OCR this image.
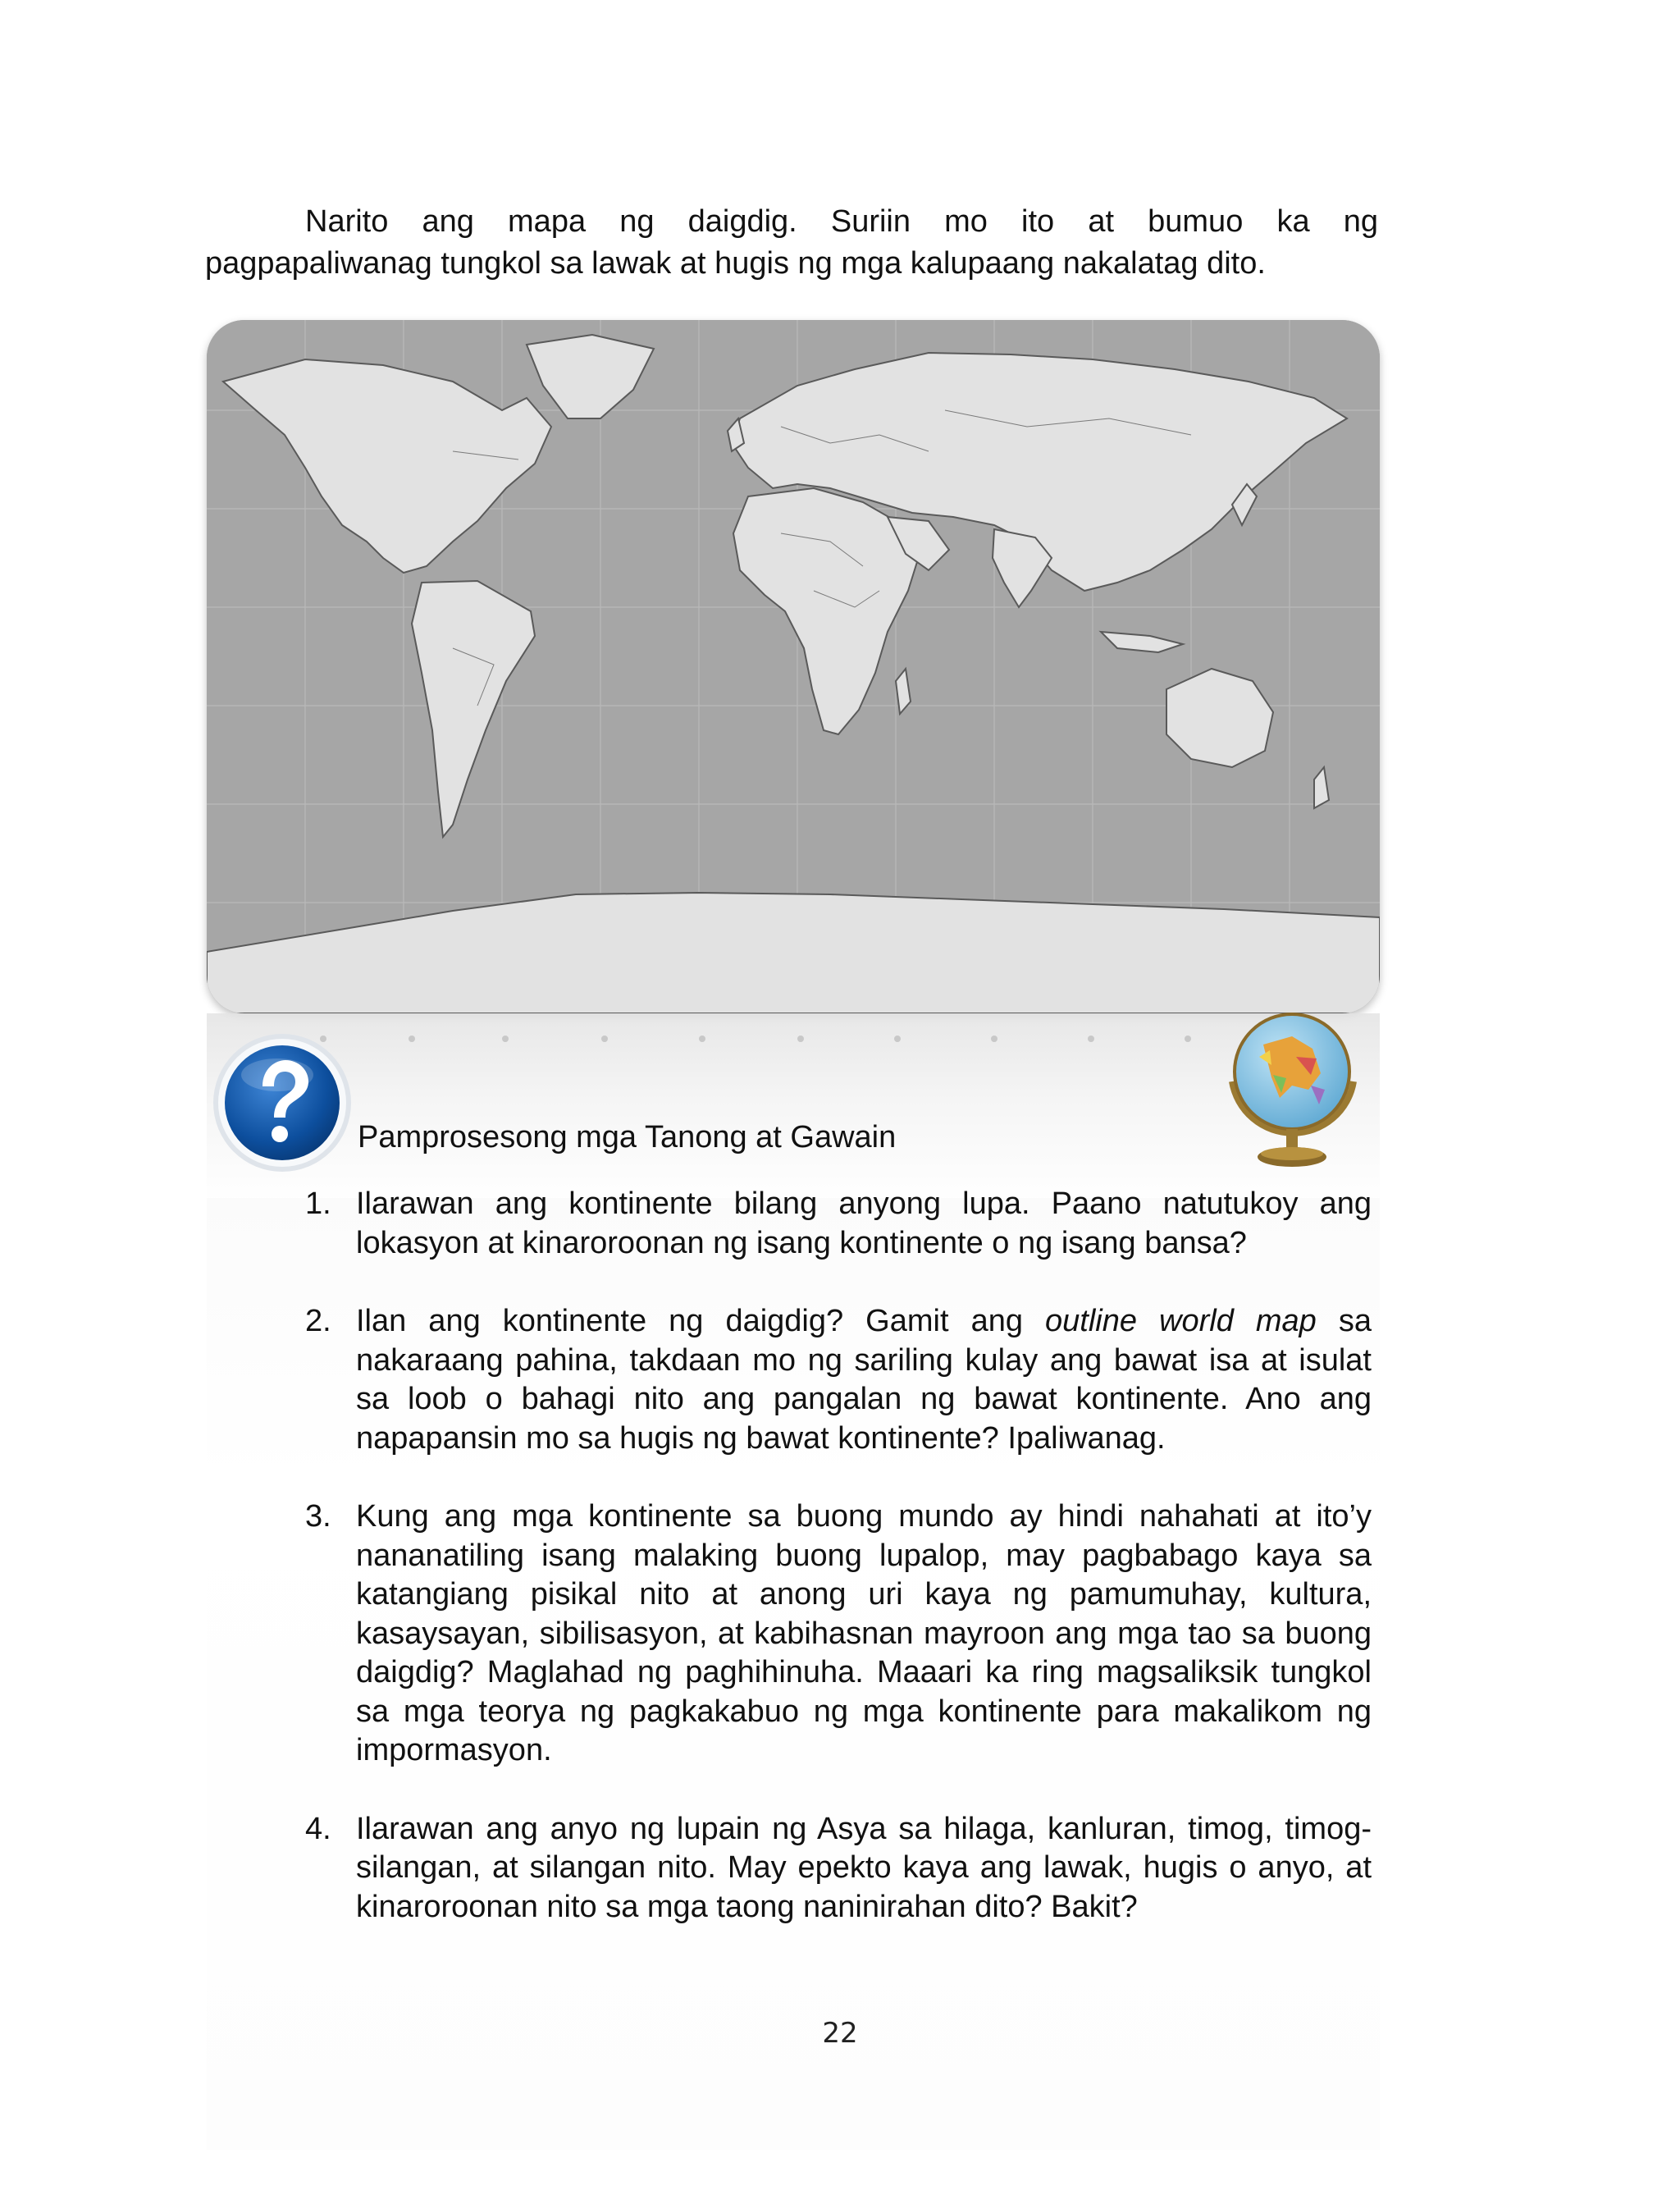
Narito ang mapa ng daigdig. Suriin mo ito at bumuo ka ng

pagpapaliwanag tungkol sa lawak at hugis ng mga kalupaang nakalatag dito.

Pamprosesong mga Tanong at Gawain

1. Ilarawan ang kontinente bilang anyong lupa. Paano natutukoy ang lokasyon at kinaroroonan ng isang kontinente o ng isang bansa?
2. Ilan ang kontinente ng daigdig? Gamit ang outline world map sa nakaraang pahina, takdaan mo ng sariling kulay ang bawat isa at isulat sa loob o bahagi nito ang pangalan ng bawat kontinente. Ano ang napapansin mo sa hugis ng bawat kontinente? Ipaliwanag.
3. Kung ang mga kontinente sa buong mundo ay hindi nahahati at ito’y nananatiling isang malaking buong lupalop, may pagbabago kaya sa katangiang pisikal nito at anong uri kaya ng pamumuhay, kultura, kasaysayan, sibilisasyon, at kabihasnan mayroon ang mga tao sa buong daigdig? Maglahad ng paghihinuha. Maaari ka ring magsaliksik tungkol sa mga teorya ng pagkakabuo ng mga kontinente para makalikom ng impormasyon.
4. Ilarawan ang anyo ng lupain ng Asya sa hilaga, kanluran, timog, timog-silangan, at silangan nito. May epekto kaya ang lawak, hugis o anyo, at kinaroroonan nito sa mga taong naninirahan dito? Bakit?

22
